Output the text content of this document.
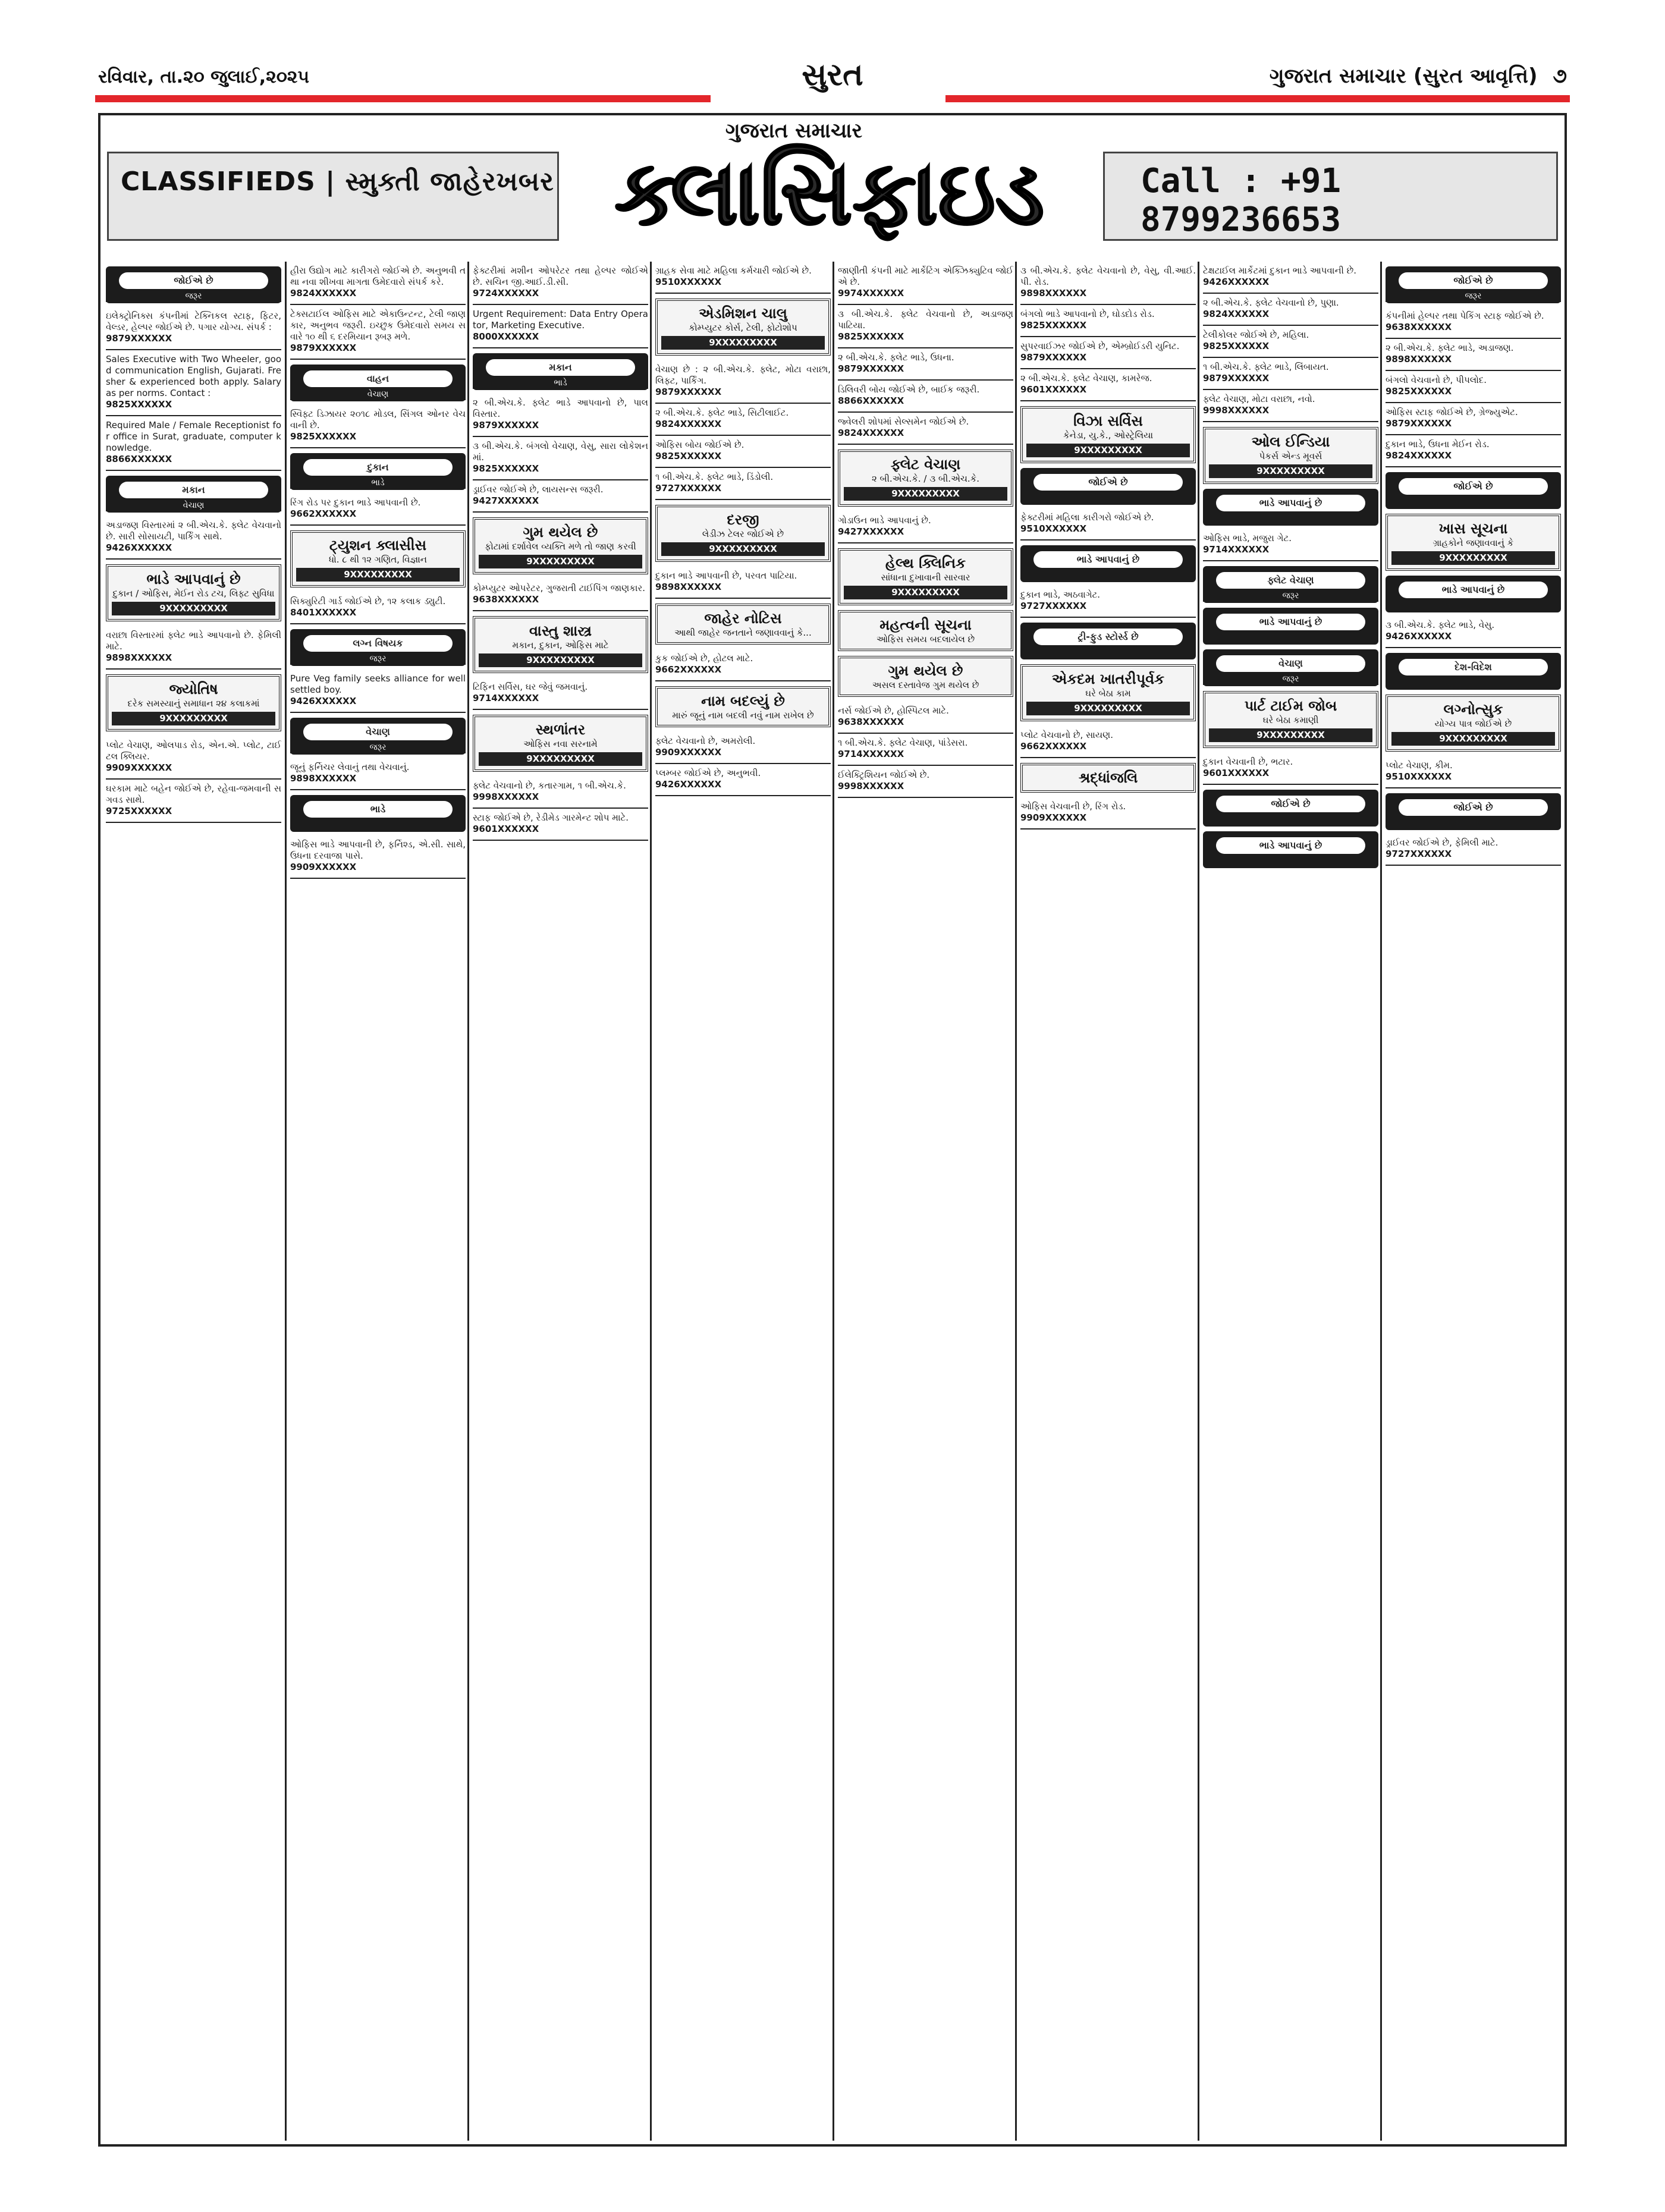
રવિવાર, તા.૨૦ જુલાઈ,૨૦૨૫	સુરત	ગુજરાત સમાચાર (સુરત આવૃત્તિ) ૭
CLASSIFIEDS | સ્મુક્તી જાહેરખબર
ગુજરાત સમાચાર
ક્લાસિફાઇડ	Call : +91 8799236653
જોઈએ છે
જરૂર
ઇલેક્ટ્રોનિક્સ કંપનીમાં ટેક્નિકલ સ્ટાફ, ફિટર, વેલ્ડર, હેલ્પર જોઈએ છે. પગાર યોગ્ય. સંપર્ક :
9879XXXXXX
Sales Executive with Two Wheeler, good communication English, Gujarati. Fresher & experienced both apply. Salary as per norms. Contact :
9825XXXXXX
Required Male / Female Receptionist for office in Surat, graduate, computer knowledge.
8866XXXXXX
મકાન
વેચાણ
અડાજણ વિસ્તારમાં ૨ બી.એચ.કે. ફ્લેટ વેચવાનો છે. સારી સોસાયટી, પાર્કિંગ સાથે.
9426XXXXXX
ભાડે આપવાનું છે
દુકાન / ઓફિસ, મેઈન રોડ ટચ, લિફ્ટ સુવિધા
9XXXXXXXXX
વરાછા વિસ્તારમાં ફ્લેટ ભાડે આપવાનો છે. ફેમિલી માટે.
9898XXXXXX
જ્યોતિષ
દરેક સમસ્યાનું સમાધાન ૨૪ કલાકમાં
9XXXXXXXXX
પ્લોટ વેચાણ, ઓલપાડ રોડ, એન.એ. પ્લોટ, ટાઈટલ ક્લિયર.
9909XXXXXX
ઘરકામ માટે બહેન જોઈએ છે, રહેવા-જમવાની સગવડ સાથે.
9725XXXXXX
હીરા ઉદ્યોગ માટે કારીગરો જોઈએ છે. અનુભવી તથા નવા શીખવા માગતા ઉમેદવારો સંપર્ક કરે.
9824XXXXXX
ટેક્સટાઈલ ઓફિસ માટે એકાઉન્ટન્ટ, ટેલી જાણકાર, અનુભવ જરૂરી. ઇચ્છુક ઉમેદવારો સમય સવારે ૧૦ થી ૬ દરમિયાન રૂબરૂ મળે.
9879XXXXXX
વાહન
વેચાણ
સ્વિફ્ટ ડિઝાયર ૨૦૧૮ મોડલ, સિંગલ ઓનર વેચવાની છે.
9825XXXXXX
દુકાન
ભાડે
રિંગ રોડ પર દુકાન ભાડે આપવાની છે.
9662XXXXXX
ટ્યુશન ક્લાસીસ
ધો. ૮ થી ૧૨ ગણિત, વિજ્ઞાન
9XXXXXXXXX
સિક્યુરિટી ગાર્ડ જોઈએ છે, ૧૨ કલાક ડ્યુટી.
8401XXXXXX
લગ્ન વિષયક
જરૂર
Pure Veg family seeks alliance for well settled boy.
9426XXXXXX
વેચાણ
જરૂર
જૂનું ફર્નિચર લેવાનું તથા વેચવાનું.
9898XXXXXX
ભાડે
ઓફિસ ભાડે આપવાની છે, ફર્નિશ્ડ, એ.સી. સાથે, ઉધના દરવાજા પાસે.
9909XXXXXX
ફેક્ટરીમાં મશીન ઓપરેટર તથા હેલ્પર જોઈએ છે. સચિન જી.આઈ.ડી.સી.
9724XXXXXX
Urgent Requirement: Data Entry Operator, Marketing Executive.
8000XXXXXX
મકાન
ભાડે
૨ બી.એચ.કે. ફ્લેટ ભાડે આપવાનો છે, પાલ વિસ્તાર.
9879XXXXXX
૩ બી.એચ.કે. બંગલો વેચાણ, વેસુ, સારા લોકેશનમાં.
9825XXXXXX
ડ્રાઈવર જોઈએ છે, લાયસન્સ જરૂરી.
9427XXXXXX
ગુમ થયેલ છે
ફોટામાં દર્શાવેલ વ્યક્તિ મળે તો જાણ કરવી
9XXXXXXXXX
કોમ્પ્યુટર ઓપરેટર, ગુજરાતી ટાઈપિંગ જાણકાર.
9638XXXXXX
વાસ્તુ શાસ્ત્ર
મકાન, દુકાન, ઓફિસ માટે
9XXXXXXXXX
ટિફિન સર્વિસ, ઘર જેવું જમવાનું.
9714XXXXXX
સ્થળાંતર
ઓફિસ નવા સરનામે
9XXXXXXXXX
ફ્લેટ વેચવાનો છે, કતારગામ, ૧ બી.એચ.કે.
9998XXXXXX
સ્ટાફ જોઈએ છે, રેડીમેડ ગારમેન્ટ શોપ માટે.
9601XXXXXX
ગ્રાહક સેવા માટે મહિલા કર્મચારી જોઈએ છે.
9510XXXXXX
એડમિશન ચાલુ
કોમ્પ્યુટર કોર્સ, ટેલી, ફોટોશોપ
9XXXXXXXXX
વેચાણ છે : ૨ બી.એચ.કે. ફ્લેટ, મોટા વરાછા, લિફ્ટ, પાર્કિંગ.
9879XXXXXX
૨ બી.એચ.કે. ફ્લેટ ભાડે, સિટીલાઈટ.
9824XXXXXX
ઓફિસ બોય જોઈએ છે.
9825XXXXXX
૧ બી.એચ.કે. ફ્લેટ ભાડે, ડિંડોલી.
9727XXXXXX
દરજી
લેડીઝ ટેલર જોઈએ છે
9XXXXXXXXX
દુકાન ભાડે આપવાની છે, પરવત પાટિયા.
9898XXXXXX
જાહેર નોટિસ
આથી જાહેર જનતાને જણાવવાનું કે...
કુક જોઈએ છે, હોટલ માટે.
9662XXXXXX
નામ બદલ્યું છે
મારું જૂનું નામ બદલી નવું નામ રાખેલ છે
ફ્લેટ વેચવાનો છે, અમરોલી.
9909XXXXXX
પ્લમ્બર જોઈએ છે, અનુભવી.
9426XXXXXX
જાણીતી કંપની માટે માર્કેટિંગ એક્ઝિક્યુટિવ જોઈએ છે.
9974XXXXXX
૩ બી.એચ.કે. ફ્લેટ વેચવાનો છે, અડાજણ પાટિયા.
9825XXXXXX
૨ બી.એચ.કે. ફ્લેટ ભાડે, ઉધના.
9879XXXXXX
ડિલિવરી બોય જોઈએ છે, બાઈક જરૂરી.
8866XXXXXX
જ્વેલરી શોપમાં સેલ્સમેન જોઈએ છે.
9824XXXXXX
ફ્લેટ વેચાણ
૨ બી.એચ.કે. / ૩ બી.એચ.કે.
9XXXXXXXXX
ગોડાઉન ભાડે આપવાનું છે.
9427XXXXXX
હેલ્થ ક્લિનિક
સાંધાના દુખાવાની સારવાર
9XXXXXXXXX
મહત્વની સૂચના
ઓફિસ સમય બદલાયેલ છે
ગુમ થયેલ છે
અસલ દસ્તાવેજ ગુમ થયેલ છે
નર્સ જોઈએ છે, હોસ્પિટલ માટે.
9638XXXXXX
૧ બી.એચ.કે. ફ્લેટ વેચાણ, પાંડેસરા.
9714XXXXXX
ઈલેક્ટ્રિશિયન જોઈએ છે.
9998XXXXXX
૩ બી.એચ.કે. ફ્લેટ વેચવાનો છે, વેસુ, વી.આઈ.પી. રોડ.
9898XXXXXX
બંગલો ભાડે આપવાનો છે, ઘોડદોડ રોડ.
9825XXXXXX
સુપરવાઈઝર જોઈએ છે, એમ્બ્રોઈડરી યુનિટ.
9879XXXXXX
૨ બી.એચ.કે. ફ્લેટ વેચાણ, કામરેજ.
9601XXXXXX
વિઝા સર્વિસ
કેનેડા, યુ.કે., ઓસ્ટ્રેલિયા
9XXXXXXXXX
જોઈએ છે
ફેક્ટરીમાં મહિલા કારીગરો જોઈએ છે.
9510XXXXXX
ભાડે આપવાનું છે
દુકાન ભાડે, અઠવાગેટ.
9727XXXXXX
ટ્રી-ફુડ સ્ટોર્સ્ડ છે
એકદમ ખાતરીપૂર્વક
ઘરે બેઠા કામ
9XXXXXXXXX
પ્લોટ વેચવાનો છે, સાયણ.
9662XXXXXX
શ્રદ્ધાંજલિ
ઓફિસ વેચવાની છે, રિંગ રોડ.
9909XXXXXX
ટેક્ષટાઈલ માર્કેટમાં દુકાન ભાડે આપવાની છે.
9426XXXXXX
૨ બી.એચ.કે. ફ્લેટ વેચવાનો છે, પુણા.
9824XXXXXX
ટેલીકોલર જોઈએ છે, મહિલા.
9825XXXXXX
૧ બી.એચ.કે. ફ્લેટ ભાડે, લિંબાયત.
9879XXXXXX
ફ્લેટ વેચાણ, મોટા વરાછા, નવો.
9998XXXXXX
ઓલ ઈન્ડિયા
પેકર્સ એન્ડ મૂવર્સ
9XXXXXXXXX
ભાડે આપવાનું છે
ઓફિસ ભાડે, મજુરા ગેટ.
9714XXXXXX
ફ્લેટ વેચાણ
જરૂર
ભાડે આપવાનું છે
વેચાણ
જરૂર
પાર્ટ ટાઈમ જોબ
ઘરે બેઠા કમાણી
9XXXXXXXXX
દુકાન વેચવાની છે, ભટાર.
9601XXXXXX
જોઈએ છે
ભાડે આપવાનું છે
જોઈએ છે
જરૂર
કંપનીમાં હેલ્પર તથા પેકિંગ સ્ટાફ જોઈએ છે.
9638XXXXXX
૨ બી.એચ.કે. ફ્લેટ ભાડે, અડાજણ.
9898XXXXXX
બંગલો વેચવાનો છે, પીપલોદ.
9825XXXXXX
ઓફિસ સ્ટાફ જોઈએ છે, ગ્રેજ્યુએટ.
9879XXXXXX
દુકાન ભાડે, ઉધના મેઈન રોડ.
9824XXXXXX
જોઈએ છે
ખાસ સૂચના
ગ્રાહકોને જણાવવાનું કે
9XXXXXXXXX
ભાડે આપવાનું છે
૩ બી.એચ.કે. ફ્લેટ ભાડે, વેસુ.
9426XXXXXX
દેશ-વિદેશ
લગ્નોત્સુક
યોગ્ય પાત્ર જોઈએ છે
9XXXXXXXXX
પ્લોટ વેચાણ, કીમ.
9510XXXXXX
જોઈએ છે
ડ્રાઈવર જોઈએ છે, ફેમિલી માટે.
9727XXXXXX
